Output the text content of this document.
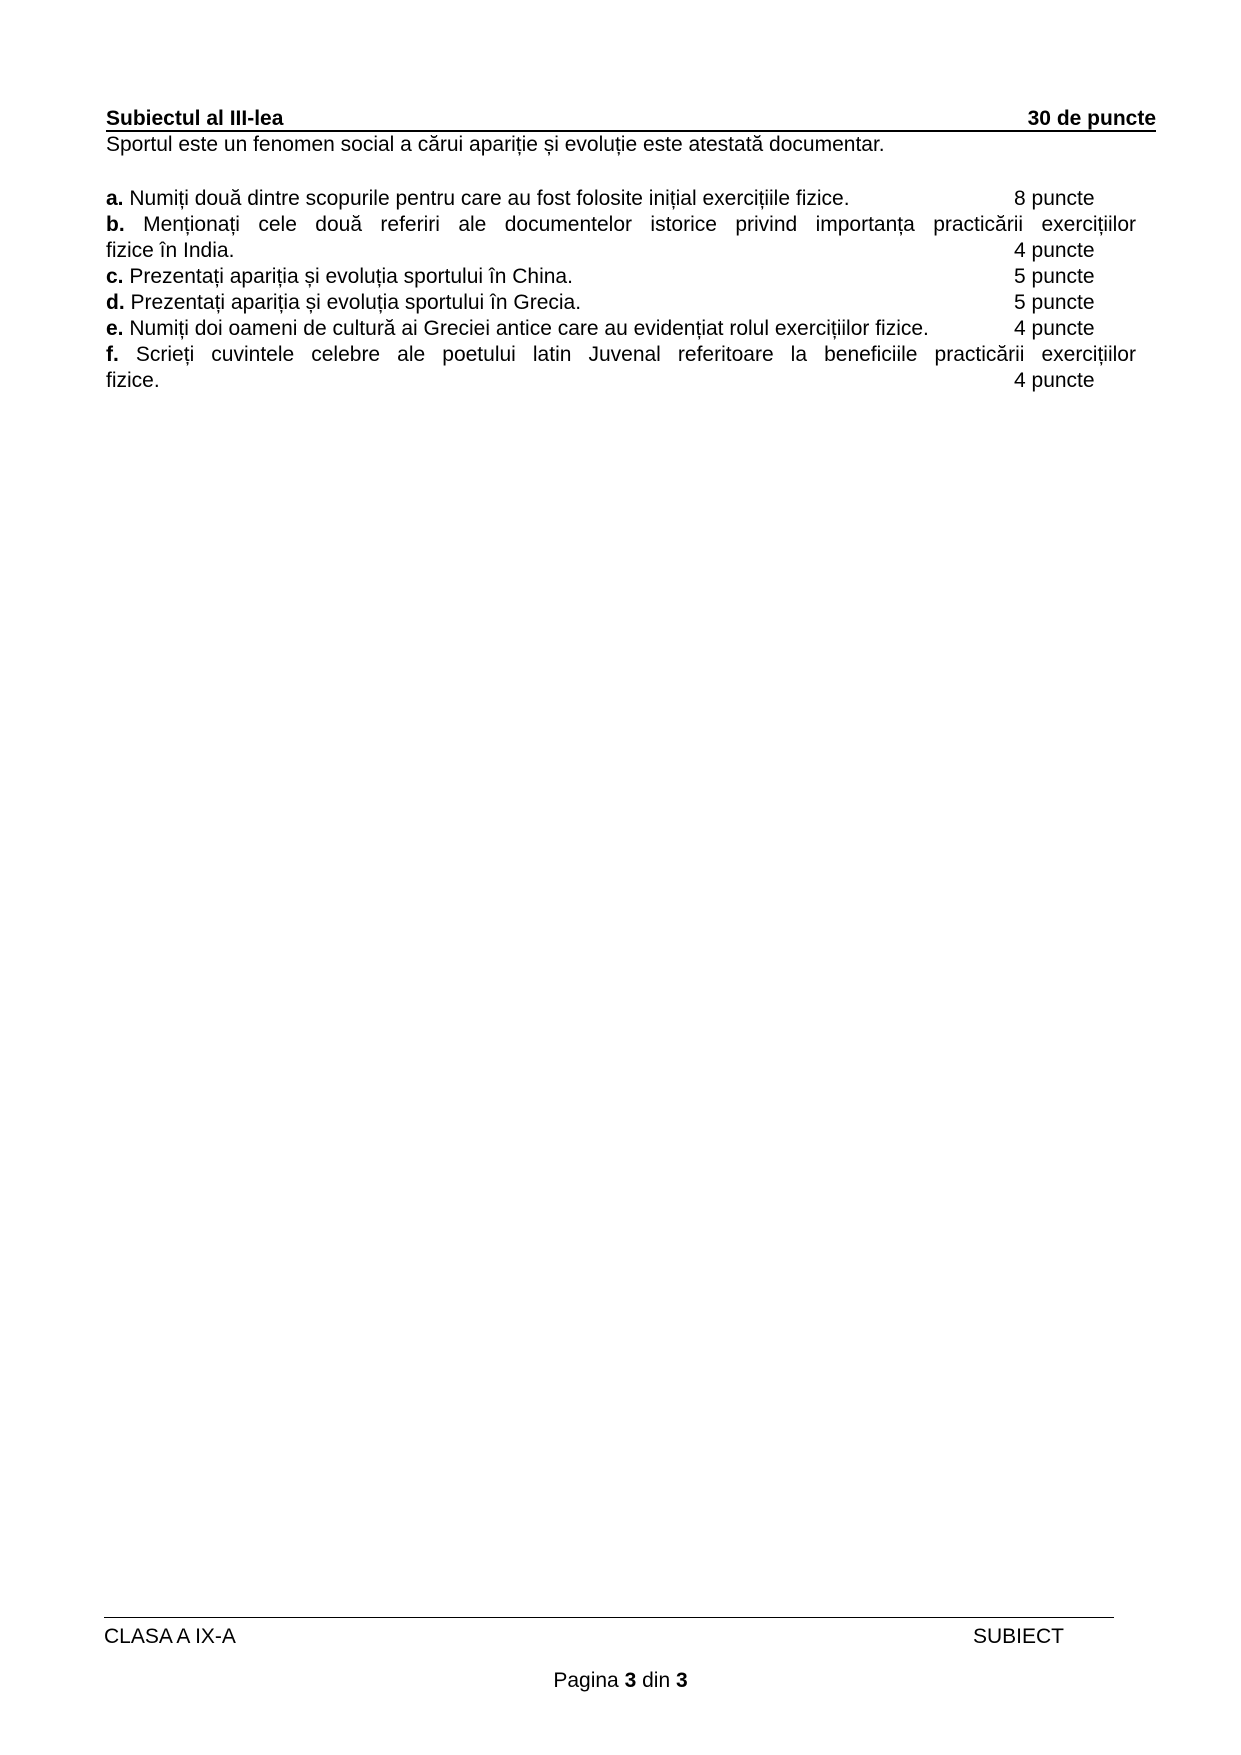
Subiectul al III-lea	30 de puncte
Sportul este un fenomen social a cărui apariție și evoluție este atestată documentar.
a. Numiți două dintre scopurile pentru care au fost folosite inițial exercițiile fizice.	8 puncte
b. Menționați cele două referiri ale documentelor istorice privind importanța practicării exercițiilor
fizice în India.	4 puncte
c. Prezentați apariția și evoluția sportului în China.	5 puncte
d. Prezentați apariția și evoluția sportului în Grecia.	5 puncte
e. Numiți doi oameni de cultură ai Greciei antice care au evidențiat rolul exercițiilor fizice.	4 puncte
f. Scrieți cuvintele celebre ale poetului latin Juvenal referitoare la beneficiile practicării exercițiilor
fizice.	4 puncte
CLASA A IX-A	SUBIECT
Pagina 3 din 3
